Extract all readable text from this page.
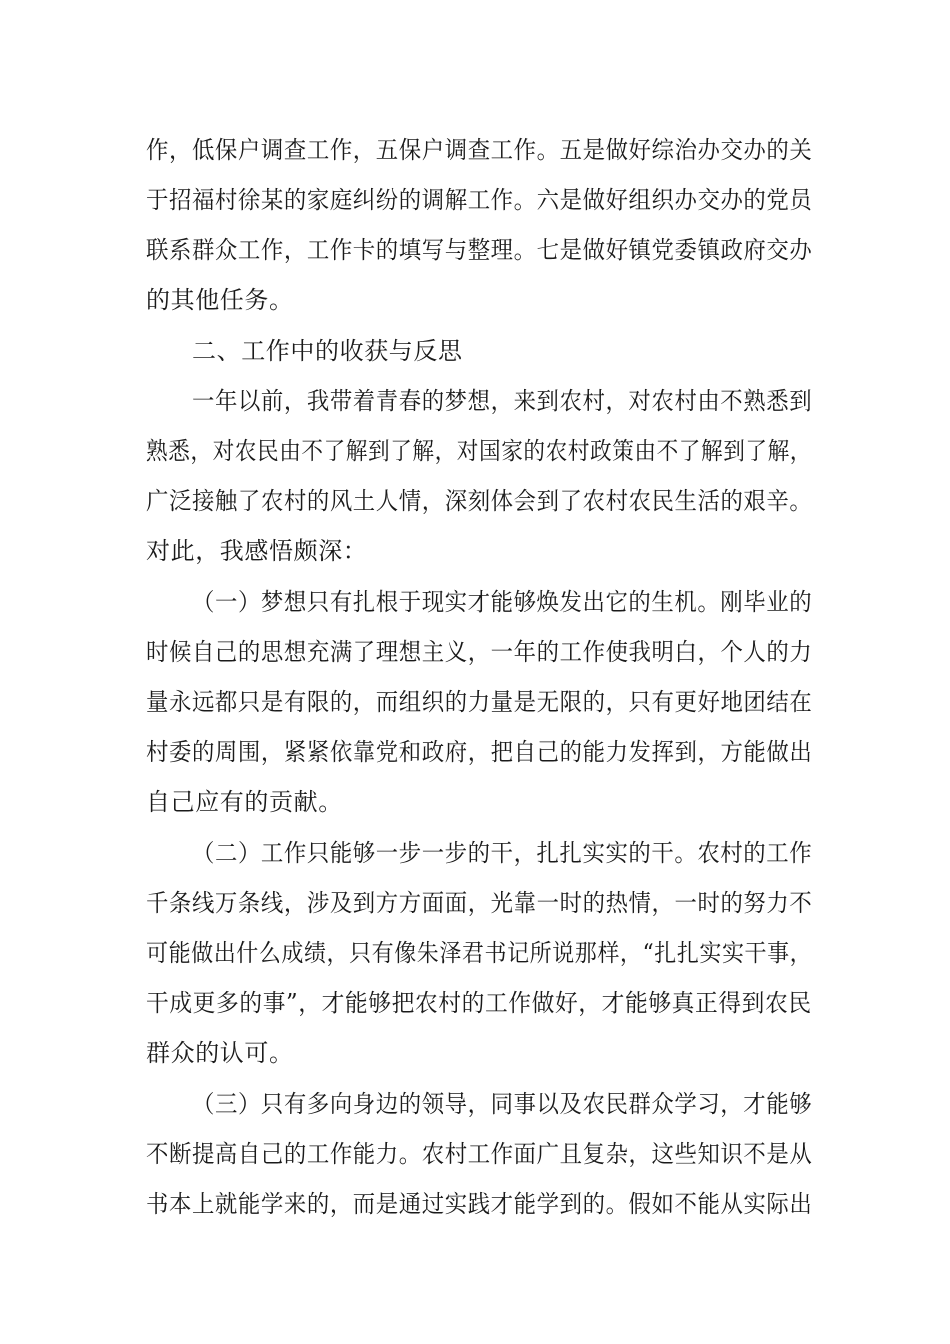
作，低保户调查工作，五保户调查工作。五是做好综治办交办的关
于招福村徐某的家庭纠纷的调解工作。六是做好组织办交办的党员
联系群众工作，工作卡的填写与整理。七是做好镇党委镇政府交办
的其他任务。
二、工作中的收获与反思
一年以前，我带着青春的梦想，来到农村，对农村由不熟悉到
熟悉，对农民由不了解到了解，对国家的农村政策由不了解到了解，
广泛接触了农村的风土人情，深刻体会到了农村农民生活的艰辛。
对此，我感悟颇深：
（一）梦想只有扎根于现实才能够焕发出它的生机。刚毕业的
时候自己的思想充满了理想主义，一年的工作使我明白，个人的力
量永远都只是有限的，而组织的力量是无限的，只有更好地团结在
村委的周围，紧紧依靠党和政府，把自己的能力发挥到，方能做出
自己应有的贡献。
（二）工作只能够一步一步的干，扎扎实实的干。农村的工作
千条线万条线，涉及到方方面面，光靠一时的热情，一时的努力不
可能做出什么成绩，只有像朱泽君书记所说那样，“扎扎实实干事，
干成更多的事”，才能够把农村的工作做好，才能够真正得到农民
群众的认可。
（三）只有多向身边的领导，同事以及农民群众学习，才能够
不断提高自己的工作能力。农村工作面广且复杂，这些知识不是从
书本上就能学来的，而是通过实践才能学到的。假如不能从实际出
